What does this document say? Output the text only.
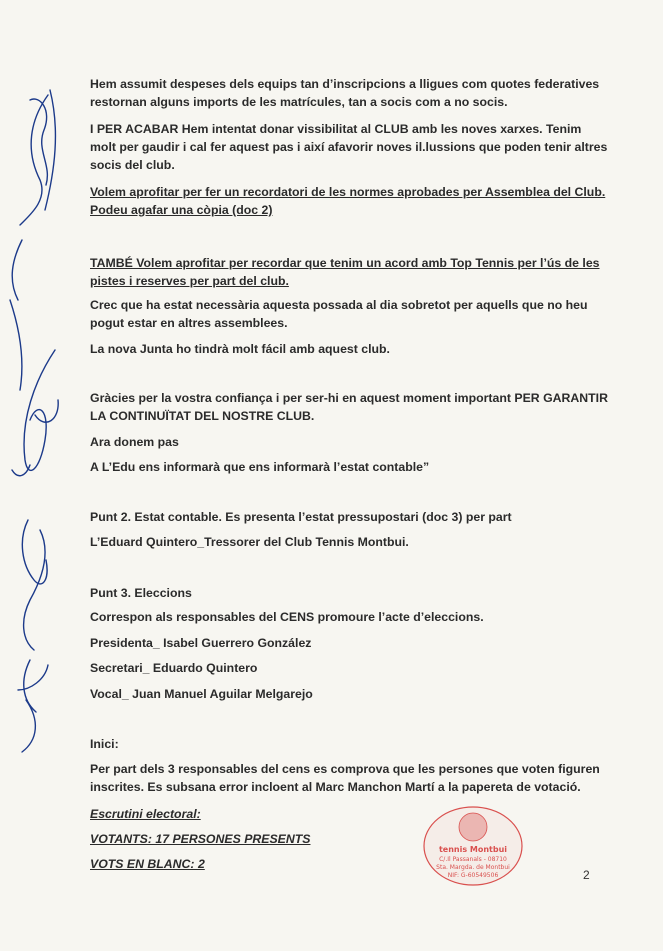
Hem assumit despeses dels equips tan d’inscripcions a lligues com quotes federatives restornan alguns imports de les matrícules, tan a socis com a no socis.
I PER ACABAR Hem intentat donar vissibilitat al CLUB amb les noves xarxes. Tenim molt per gaudir i cal fer aquest pas i així afavorir noves il.lussions que poden tenir altres socis del club.
Volem aprofitar per fer un recordatori de les normes aprobades per Assemblea del Club. Podeu agafar una còpia (doc 2)
TAMBÉ Volem aprofitar per recordar que tenim un acord amb Top Tennis per l’ús de les pistes i reserves per part del club.
Crec que ha estat necessària aquesta possada al dia sobretot per aquells que no heu pogut estar en altres assemblees.
La nova Junta ho tindrà molt fácil amb aquest club.
Gràcies per la vostra confiança i per ser-hi en aquest moment important PER GARANTIR LA CONTINUÏTAT DEL NOSTRE CLUB.
Ara donem pas
A L’Edu ens informarà que ens informarà l’estat contable”
Punt 2. Estat contable. Es presenta l’estat pressupostari (doc 3) per part
L’Eduard Quintero_Tressorer del Club Tennis Montbui.
Punt 3. Eleccions
Correspon als responsables del CENS promoure l’acte d’eleccions.
Presidenta_ Isabel Guerrero González
Secretari_ Eduardo Quintero
Vocal_ Juan Manuel Aguilar Melgarejo
Inici:
Per part dels 3 responsables del cens es comprova que les persones que voten figuren inscrites. Es subsana error incloent al Marc Manchon Martí a la papereta de votació.
Escrutini electoral:
VOTANTS: 17 PERSONES PRESENTS
VOTS EN BLANC: 2
tennis Montbui
C/.Il Passanals - 08710
Sta. Margda. de Montbui
NIF: G-60549506	2
